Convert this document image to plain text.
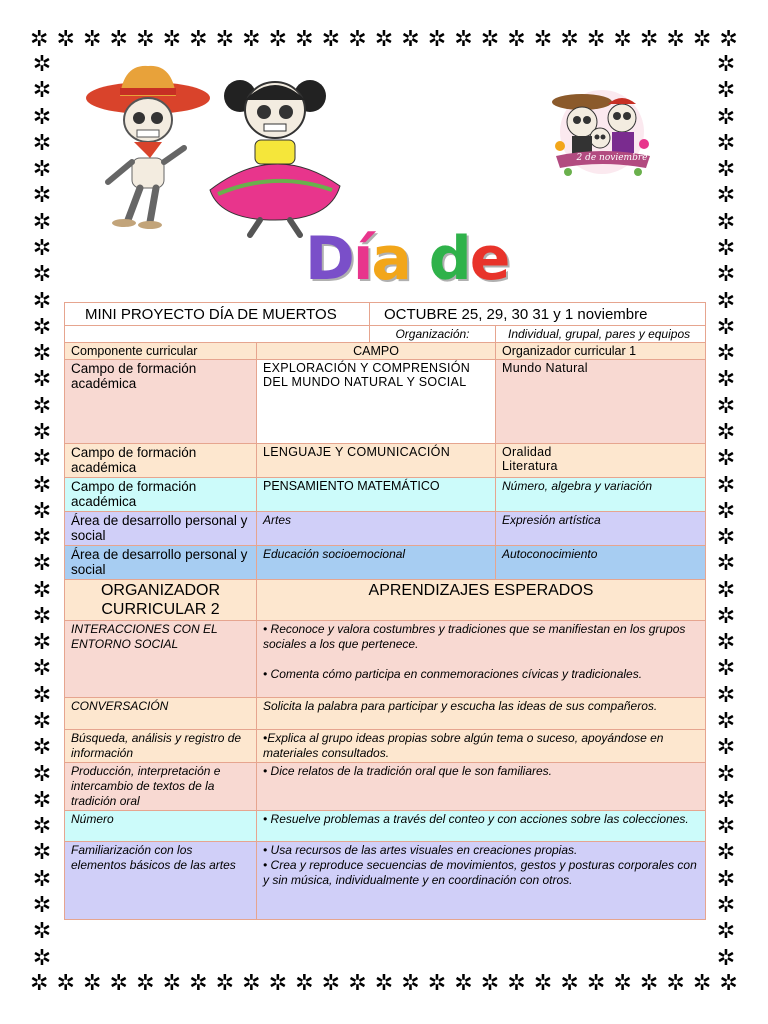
✲ ✲ ✲ ✲ ✲ ✲ ✲ ✲ ✲ ✲ ✲ ✲ ✲ ✲ ✲ ✲ ✲ ✲ ✲ ✲ ✲ ✲ ✲ ✲ ✲ ✲ ✲
✲ ✲ ✲ ✲ ✲ ✲ ✲ ✲ ✲ ✲ ✲ ✲ ✲ ✲ ✲ ✲ ✲ ✲ ✲ ✲ ✲ ✲ ✲ ✲ ✲ ✲ ✲
✲
✲
✲
✲
✲
✲
✲
✲
✲
✲
✲
✲
✲
✲
✲
✲
✲
✲
✲
✲
✲
✲
✲
✲
✲
✲
✲
✲
✲
✲
✲
✲
✲
✲
✲
✲
✲
✲
✲
✲
✲
✲
✲
✲
✲
✲
✲
✲
✲
✲
✲
✲
✲
✲
✲
✲
✲
✲
✲
✲
✲
✲
✲
✲
✲
✲
✲
✲
✲
✲
2 de noviembre
Día de
MINI PROYECTO DÍA DE MUERTOS		OCTUBRE 25, 29, 30 31 y 1 noviembre	
		Organización:	Individual, grupal, pares y equipos
Componente curricular	CAMPO		Organizador curricular 1
Campo de formación académica	EXPLORACIÓN Y COMPRENSIÓN DEL MUNDO NATURAL Y SOCIAL		Mundo Natural
Campo de formación académica	LENGUAJE Y COMUNICACIÓN		Oralidad
Literatura

Campo de formación académica	PENSAMIENTO MATEMÁTICO		Número, algebra y variación
Área de desarrollo personal y social	Artes		Expresión artística
Área de desarrollo personal y social	Educación socioemocional		Autoconocimiento
ORGANIZADOR CURRICULAR 2	APRENDIZAJES ESPERADOS		
INTERACCIONES CON EL ENTORNO SOCIAL	• Reconoce y valora costumbres y tradiciones que se manifiestan en los grupos sociales a los que pertenece.
• Comenta cómo participa en conmemoraciones cívicas y tradicionales.		

CONVERSACIÓN	Solicita la palabra para participar y escucha las ideas de sus compañeros.		
Búsqueda, análisis y registro de información	•Explica al grupo ideas propias sobre algún tema o suceso, apoyándose en materiales consultados.		
Producción, interpretación e intercambio de textos de la tradición oral	• Dice relatos de la tradición oral que le son familiares.		
Número	• Resuelve problemas a través del conteo y con acciones sobre las colecciones.		
Familiarización con los elementos básicos de las artes	• Usa recursos de las artes visuales en creaciones propias.
• Crea y reproduce secuencias de movimientos, gestos y posturas corporales con y sin música, individualmente y en coordinación con otros.		
